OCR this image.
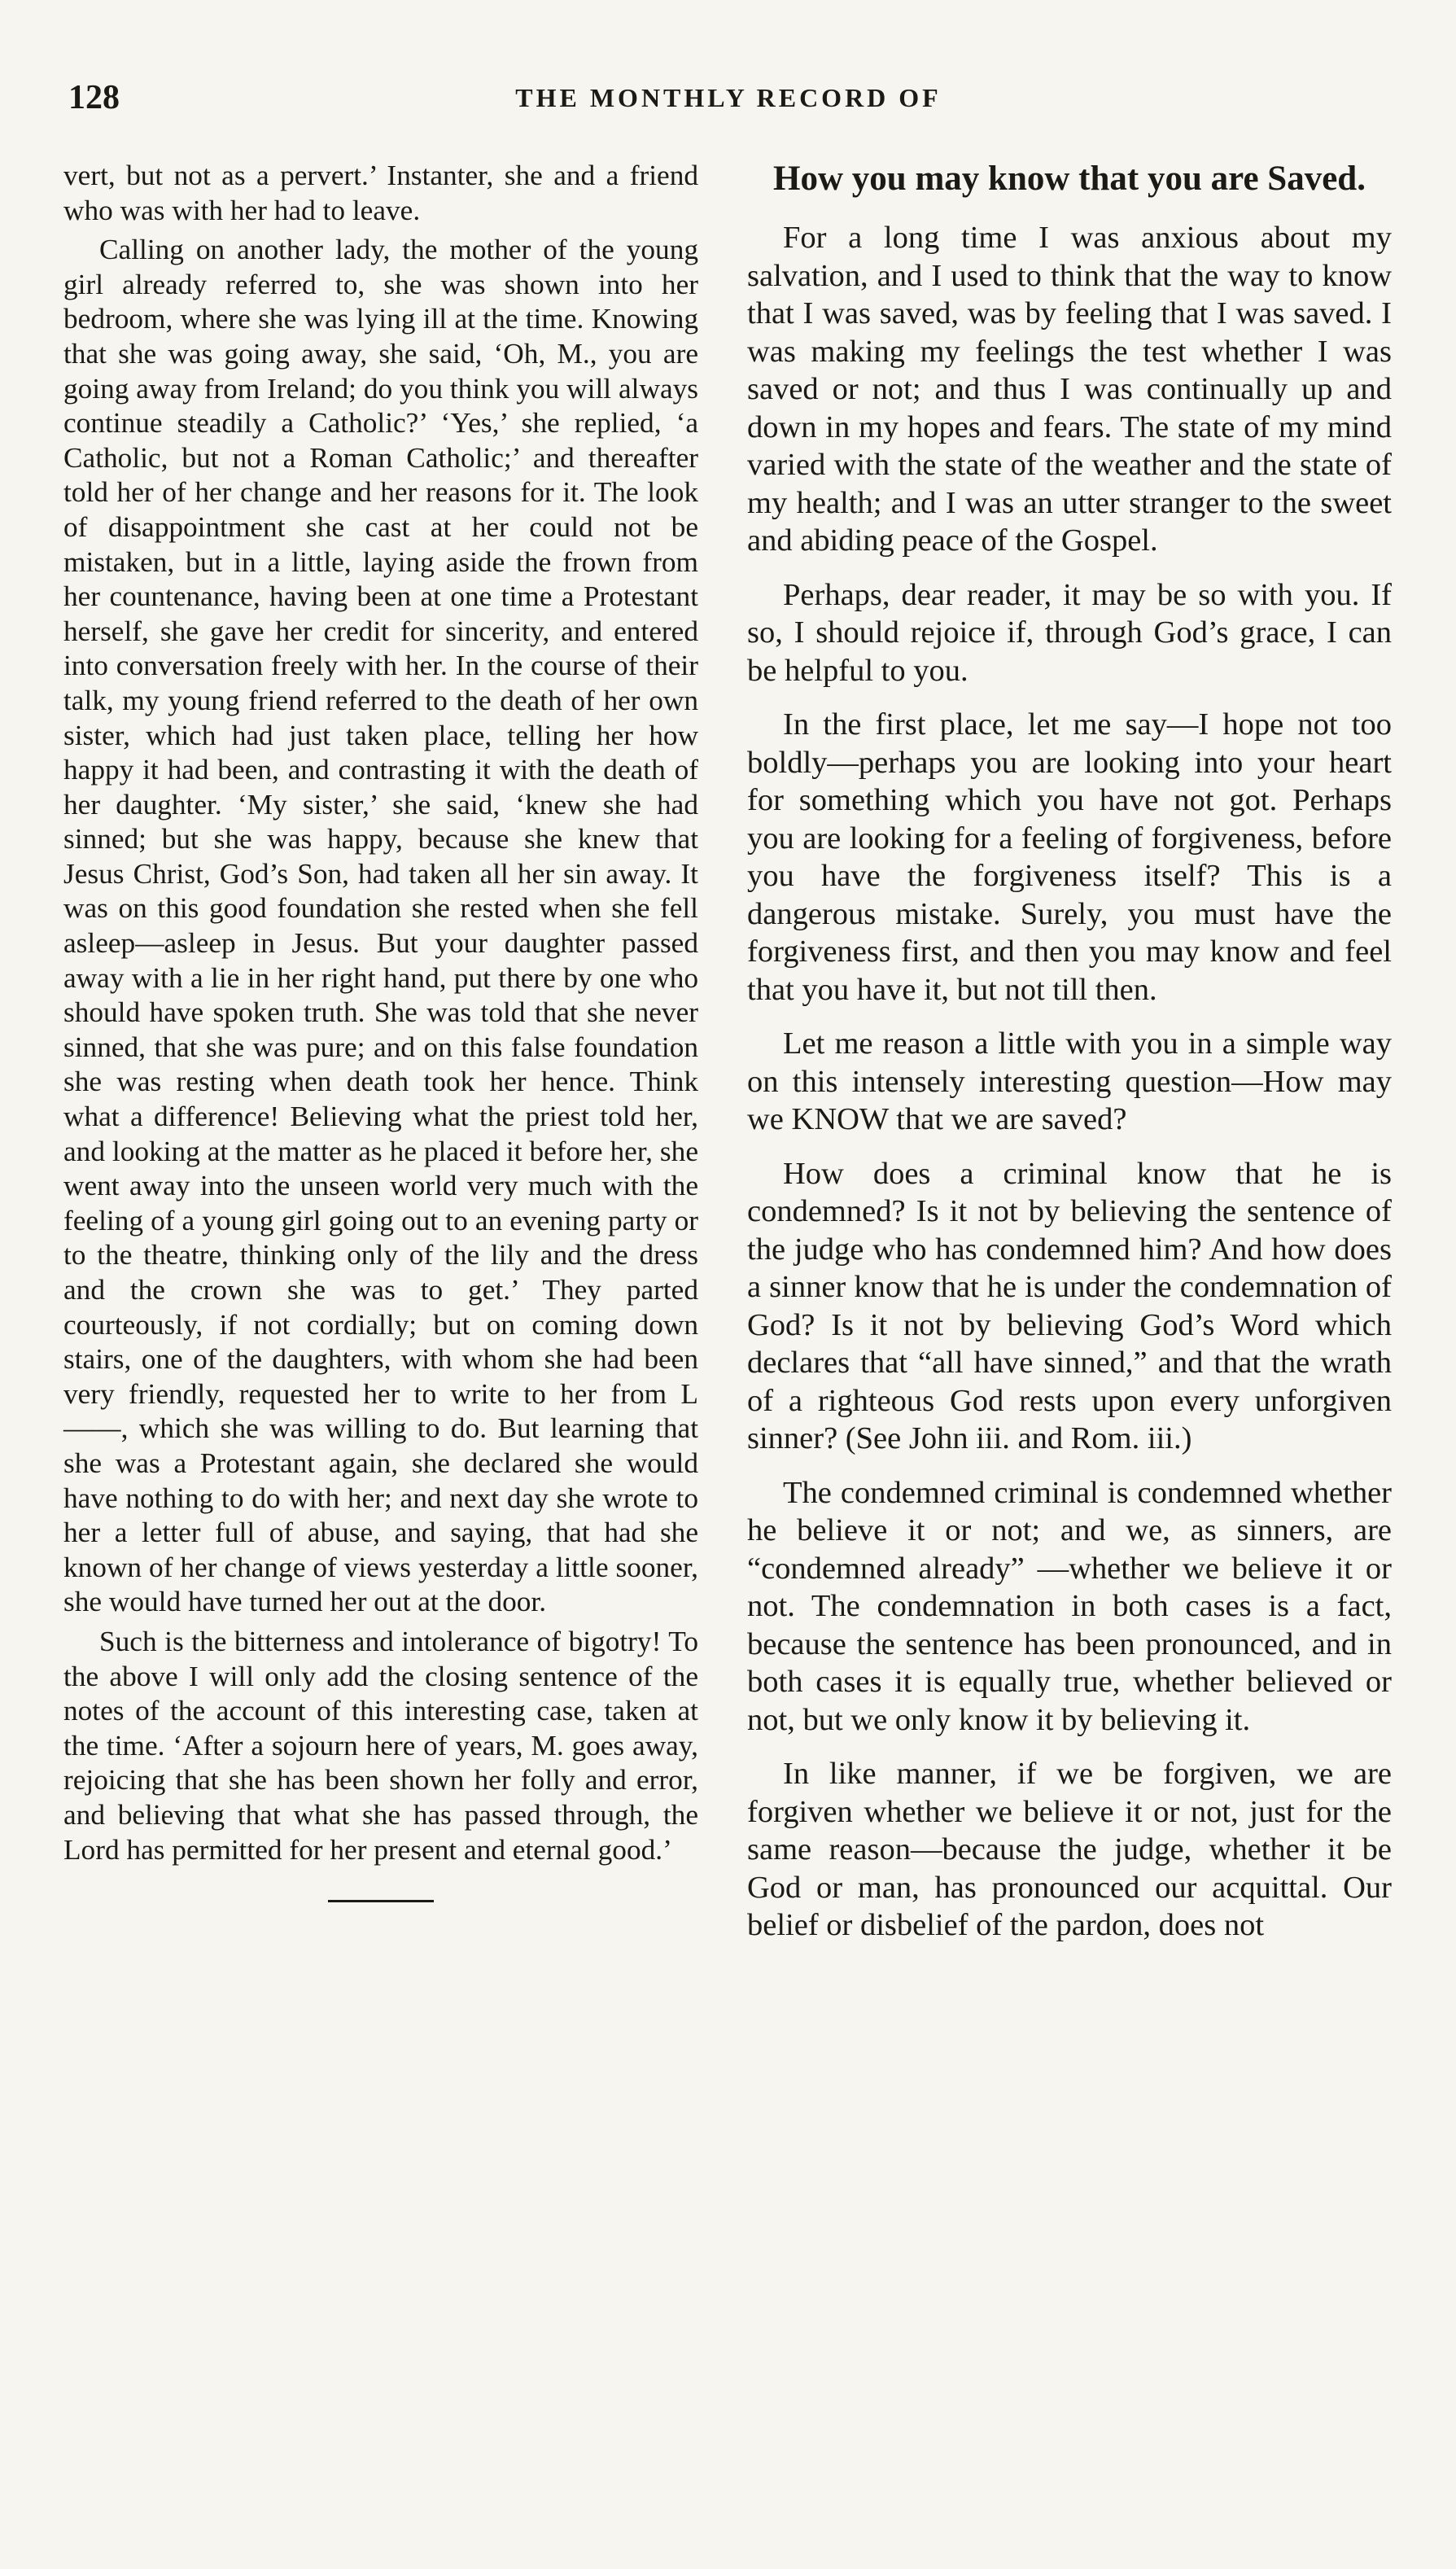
128	THE MONTHLY RECORD OF

vert, but not as a pervert.’ Instanter, she and a friend who was with her had to leave.

Calling on another lady, the mother of the young girl already referred to, she was shown into her bedroom, where she was lying ill at the time. Knowing that she was going away, she said, ‘Oh, M., you are going away from Ireland; do you think you will always continue steadily a Catholic?’ ‘Yes,’ she replied, ‘a Catholic, but not a Roman Catholic;’ and thereafter told her of her change and her reasons for it. The look of disappointment she cast at her could not be mistaken, but in a little, laying aside the frown from her countenance, having been at one time a Protestant herself, she gave her credit for sincerity, and entered into conversation freely with her. In the course of their talk, my young friend referred to the death of her own sister, which had just taken place, telling her how happy it had been, and contrasting it with the death of her daughter. ‘My sister,’ she said, ‘knew she had sinned; but she was happy, because she knew that Jesus Christ, God’s Son, had taken all her sin away. It was on this good foundation she rested when she fell asleep—asleep in Jesus. But your daughter passed away with a lie in her right hand, put there by one who should have spoken truth. She was told that she never sinned, that she was pure; and on this false foundation she was resting when death took her hence. Think what a difference! Believing what the priest told her, and looking at the matter as he placed it before her, she went away into the unseen world very much with the feeling of a young girl going out to an evening party or to the theatre, thinking only of the lily and the dress and the crown she was to get.’ They parted courteously, if not cordially; but on coming down stairs, one of the daughters, with whom she had been very friendly, requested her to write to her from L——, which she was willing to do. But learning that she was a Protestant again, she declared she would have nothing to do with her; and next day she wrote to her a letter full of abuse, and saying, that had she known of her change of views yesterday a little sooner, she would have turned her out at the door.

Such is the bitterness and intolerance of bigotry! To the above I will only add the closing sentence of the notes of the account of this interesting case, taken at the time. ‘After a sojourn here of years, M. goes away, rejoicing that she has been shown her folly and error, and believing that what she has passed through, the Lord has permitted for her present and eternal good.’

How you may know that you are Saved.

For a long time I was anxious about my salvation, and I used to think that the way to know that I was saved, was by feeling that I was saved. I was making my feelings the test whether I was saved or not; and thus I was continually up and down in my hopes and fears. The state of my mind varied with the state of the weather and the state of my health; and I was an utter stranger to the sweet and abiding peace of the Gospel.

Perhaps, dear reader, it may be so with you. If so, I should rejoice if, through God’s grace, I can be helpful to you.

In the first place, let me say—I hope not too boldly—perhaps you are looking into your heart for something which you have not got. Perhaps you are looking for a feeling of forgiveness, before you have the forgiveness itself? This is a dangerous mistake. Surely, you must have the forgiveness first, and then you may know and feel that you have it, but not till then.

Let me reason a little with you in a simple way on this intensely interesting question—How may we KNOW that we are saved?

How does a criminal know that he is condemned? Is it not by believing the sentence of the judge who has condemned him? And how does a sinner know that he is under the condemnation of God? Is it not by believing God’s Word which declares that “all have sinned,” and that the wrath of a righteous God rests upon every unforgiven sinner? (See John iii. and Rom. iii.)

The condemned criminal is condemned whether he believe it or not; and we, as sinners, are “condemned already” —whether we believe it or not. The condemnation in both cases is a fact, because the sentence has been pronounced, and in both cases it is equally true, whether believed or not, but we only know it by believing it.

In like manner, if we be forgiven, we are forgiven whether we believe it or not, just for the same reason—because the judge, whether it be God or man, has pronounced our acquittal. Our belief or disbelief of the pardon, does not
